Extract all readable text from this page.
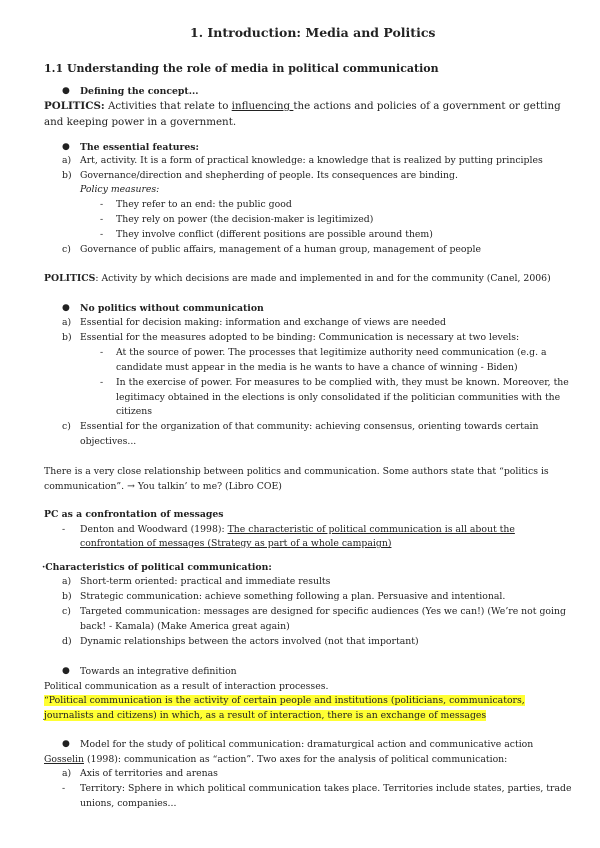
1. Introduction: Media and Politics
1.1 Understanding the role of media in political communication
● Defining the concept...
POLITICS: Activities that relate to influencing the actions and policies of a government or getting
and keeping power in a government.
● The essential features:
a) Art, activity. It is a form of practical knowledge: a knowledge that is realized by putting principles
b) Governance/direction and shepherding of people. Its consequences are binding.
Policy measures:
- They refer to an end: the public good
- They rely on power (the decision-maker is legitimized)
- They involve conflict (different positions are possible around them)
c) Governance of public affairs, management of a human group, management of people
POLITICS: Activity by which decisions are made and implemented in and for the community (Canel, 2006)
● No politics without communication
a) Essential for decision making: information and exchange of views are needed
b) Essential for the measures adopted to be binding: Communication is necessary at two levels:
- At the source of power. The processes that legitimize authority need communication (e.g. a
candidate must appear in the media is he wants to have a chance of winning - Biden)
- In the exercise of power. For measures to be complied with, they must be known. Moreover, the
legitimacy obtained in the elections is only consolidated if the politician communities with the
citizens
c) Essential for the organization of that community: achieving consensus, orienting towards certain
objectives...
There is a very close relationship between politics and communication. Some authors state that “politics is
communication”. → You talkin’ to me? (Libro COE)
PC as a confrontation of messages
- Denton and Woodward (1998): The characteristic of political communication is all about the
confrontation of messages (Strategy as part of a whole campaign)
·Characteristics of political communication:
a) Short-term oriented: practical and immediate results
b) Strategic communication: achieve something following a plan. Persuasive and intentional.
c) Targeted communication: messages are designed for specific audiences (Yes we can!) (We’re not going
back! - Kamala) (Make America great again)
d) Dynamic relationships between the actors involved (not that important)
● Towards an integrative definition
Political communication as a result of interaction processes.
“Political communication is the activity of certain people and institutions (politicians, communicators,
journalists and citizens) in which, as a result of interaction, there is an exchange of messages
● Model for the study of political communication: dramaturgical action and communicative action
Gosselin (1998): communication as “action”. Two axes for the analysis of political communication:
a) Axis of territories and arenas
- Territory: Sphere in which political communication takes place. Territories include states, parties, trade
unions, companies...
